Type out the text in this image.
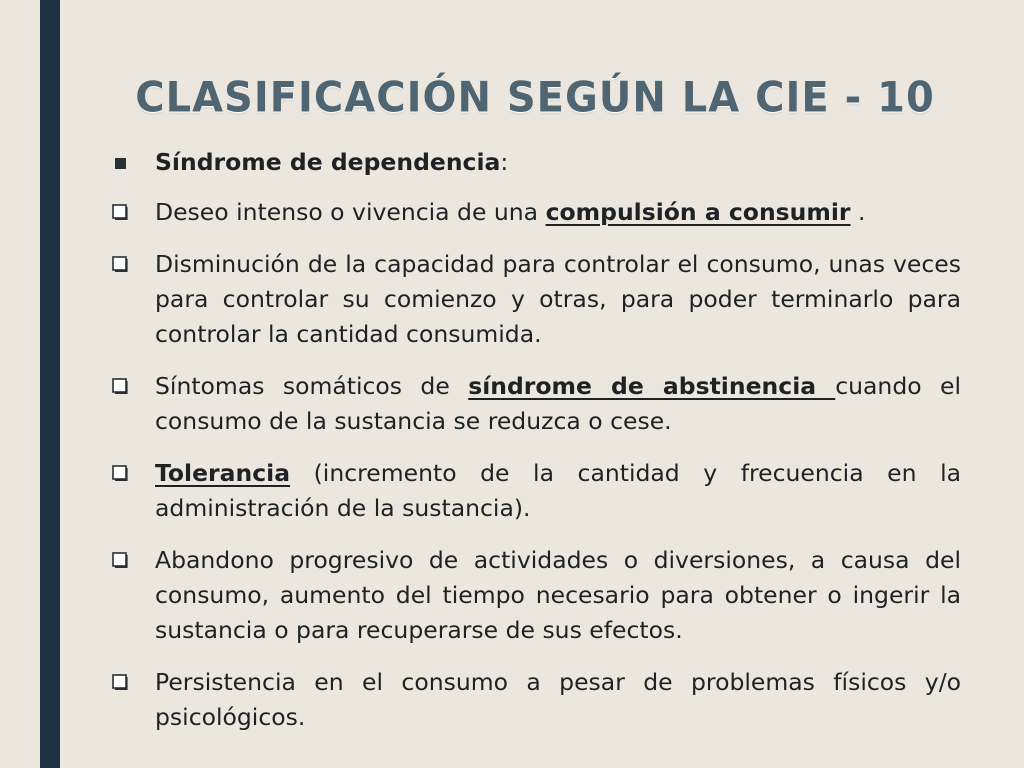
CLASIFICACIÓN SEGÚN LA CIE - 10

Síndrome de dependencia:

Deseo intenso o vivencia de una compulsión a consumir .

Disminución de la capacidad para controlar el consumo, unas veces para controlar su comienzo y otras, para poder terminarlo para controlar la cantidad consumida.

Síntomas somáticos de síndrome de abstinencia cuando el consumo de la sustancia se reduzca o cese.

Tolerancia (incremento de la cantidad y frecuencia en la administración de la sustancia).

Abandono progresivo de actividades o diversiones, a causa del consumo, aumento del tiempo necesario para obtener o ingerir la sustancia o para recuperarse de sus efectos.

Persistencia en el consumo a pesar de problemas físicos y/o psicológicos.
